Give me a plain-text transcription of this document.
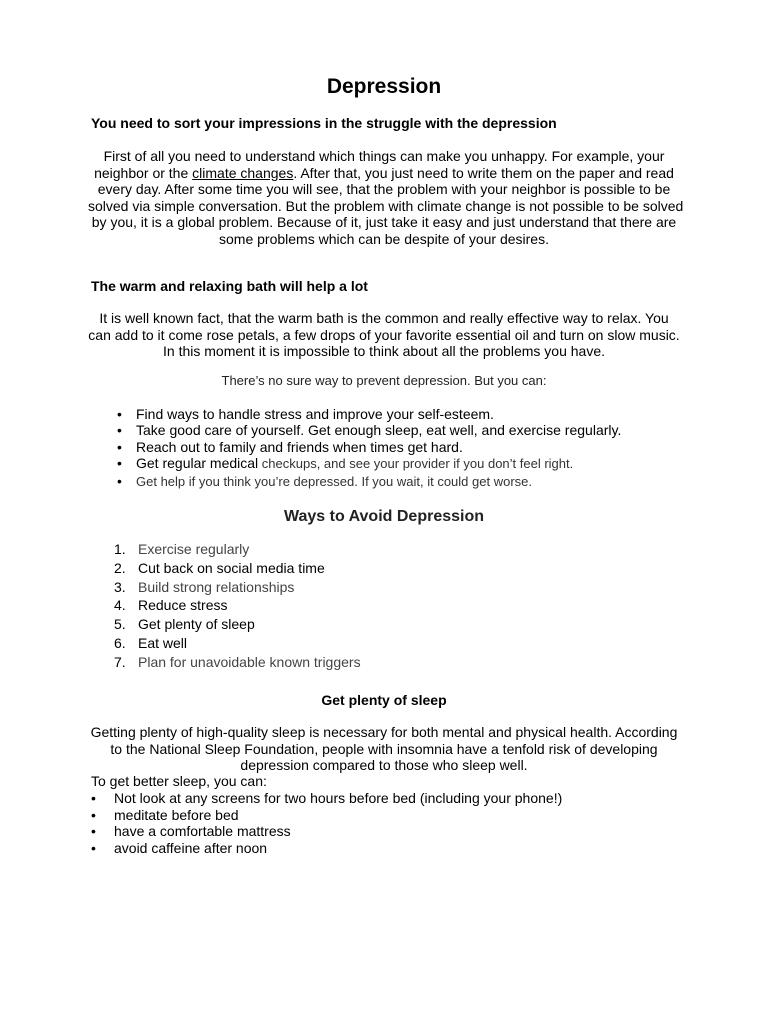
Depression
You need to sort your impressions in the struggle with the depression
First of all you need to understand which things can make you unhappy. For example, your
neighbor or the climate changes. After that, you just need to write them on the paper and read
every day. After some time you will see, that the problem with your neighbor is possible to be
solved via simple conversation. But the problem with climate change is not possible to be solved
by you, it is a global problem. Because of it, just take it easy and just understand that there are
some problems which can be despite of your desires.
The warm and relaxing bath will help a lot
It is well known fact, that the warm bath is the common and really effective way to relax. You
can add to it come rose petals, a few drops of your favorite essential oil and turn on slow music.
In this moment it is impossible to think about all the problems you have.
There’s no sure way to prevent depression. But you can:
• Find ways to handle stress and improve your self-esteem.
• Take good care of yourself. Get enough sleep, eat well, and exercise regularly.
• Reach out to family and friends when times get hard.
• Get regular medical checkups, and see your provider if you don’t feel right.
• Get help if you think you’re depressed. If you wait, it could get worse.
Ways to Avoid Depression
1. Exercise regularly
2. Cut back on social media time
3. Build strong relationships
4. Reduce stress
5. Get plenty of sleep
6. Eat well
7. Plan for unavoidable known triggers
Get plenty of sleep
Getting plenty of high-quality sleep is necessary for both mental and physical health. According
to the National Sleep Foundation, people with insomnia have a tenfold risk of developing
depression compared to those who sleep well.
To get better sleep, you can:
• Not look at any screens for two hours before bed (including your phone!)
• meditate before bed
• have a comfortable mattress
• avoid caffeine after noon
